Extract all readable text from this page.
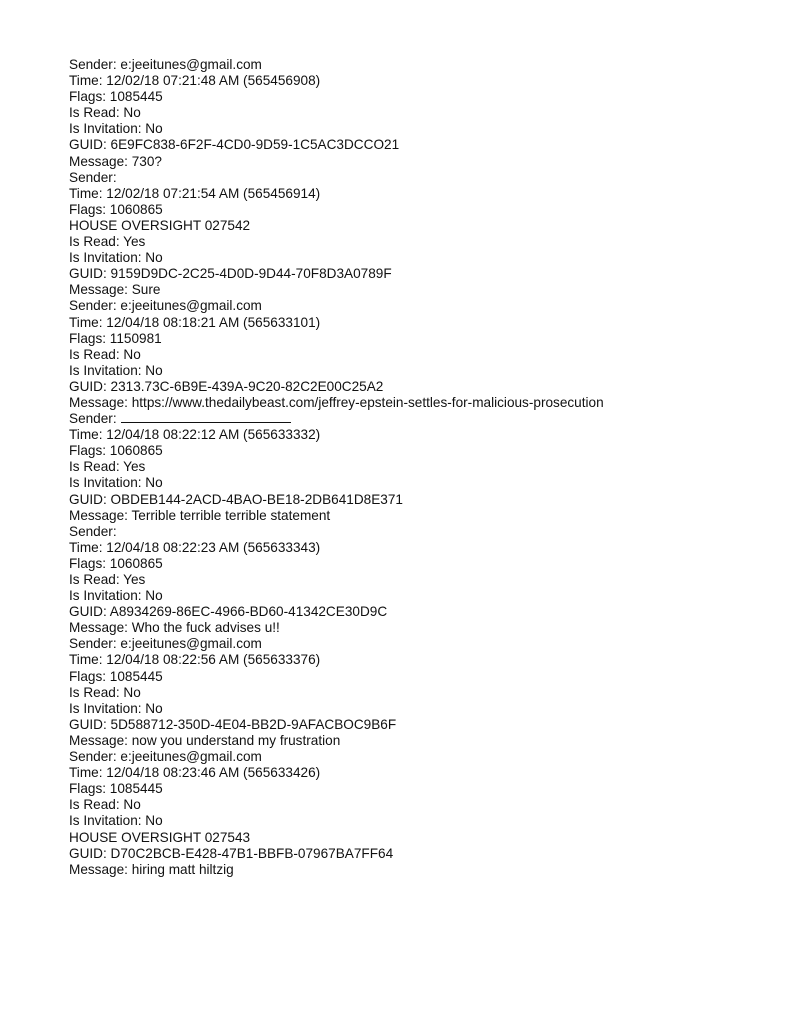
Sender: e:jeeitunes@gmail.com
Time: 12/02/18 07:21:48 AM (565456908)
Flags: 1085445
Is Read: No
Is Invitation: No
GUID: 6E9FC838-6F2F-4CD0-9D59-1C5AC3DCCO21
Message: 730?
Sender:
Time: 12/02/18 07:21:54 AM (565456914)
Flags: 1060865
HOUSE OVERSIGHT 027542
Is Read: Yes
Is Invitation: No
GUID: 9159D9DC-2C25-4D0D-9D44-70F8D3A0789F
Message: Sure
Sender: e:jeeitunes@gmail.com
Time: 12/04/18 08:18:21 AM (565633101)
Flags: 1150981
Is Read: No
Is Invitation: No
GUID: 2313.73C-6B9E-439A-9C20-82C2E00C25A2
Message: https://www.thedailybeast.com/jeffrey-epstein-settles-for-malicious-prosecution
Sender:
Time: 12/04/18 08:22:12 AM (565633332)
Flags: 1060865
Is Read: Yes
Is Invitation: No
GUID: OBDEB144-2ACD-4BAO-BE18-2DB641D8E371
Message: Terrible terrible terrible statement
Sender:
Time: 12/04/18 08:22:23 AM (565633343)
Flags: 1060865
Is Read: Yes
Is Invitation: No
GUID: A8934269-86EC-4966-BD60-41342CE30D9C
Message: Who the fuck advises u!!
Sender: e:jeeitunes@gmail.com
Time: 12/04/18 08:22:56 AM (565633376)
Flags: 1085445
Is Read: No
Is Invitation: No
GUID: 5D588712-350D-4E04-BB2D-9AFACBOC9B6F
Message: now you understand my frustration
Sender: e:jeeitunes@gmail.com
Time: 12/04/18 08:23:46 AM (565633426)
Flags: 1085445
Is Read: No
Is Invitation: No
HOUSE OVERSIGHT 027543
GUID: D70C2BCB-E428-47B1-BBFB-07967BA7FF64
Message: hiring matt hiltzig
